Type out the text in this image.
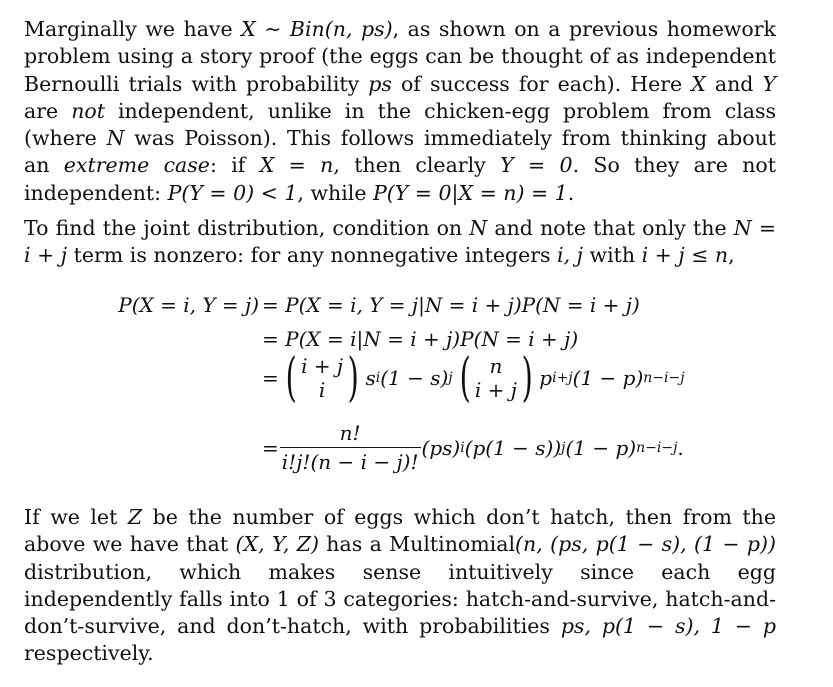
Marginally we have X ∼ Bin(n, ps), as shown on a previous homework problem using a story proof (the eggs can be thought of as independent Bernoulli trials with probability ps of success for each). Here X and Y are not independent, unlike in the chicken-egg problem from class (where N was Poisson). This follows immediately from thinking about an extreme case: if X = n, then clearly Y = 0. So they are not independent: P(Y = 0) < 1, while P(Y = 0|X = n) = 1.

To find the joint distribution, condition on N and note that only the N = i + j term is nonzero: for any nonnegative integers i, j with i + j ≤ n,

P(X = i, Y = j) = P(X = i, Y = j|N = i + j)P(N = i + j)
= P(X = i|N = i + j)P(N = i + j)
= ( i + j
i ) s i (1 − s) j ( n
i + j ) p i+j (1 − p) n−i−j
= $\frac{n!}{i!j!(n - i - j)!} (ps)$ i (p(1 − s)) j (1 − p) n−i−j .

If we let Z be the number of eggs which don’t hatch, then from the above we have that (X, Y, Z) has a Multinomial(n, (ps, p(1 − s), (1 − p)) distribution, which makes sense intuitively since each egg independently falls into 1 of 3 categories: hatch-and-survive, hatch-and-don’t-survive, and don’t-hatch, with probabilities ps, p(1 − s), 1 − p respectively.
